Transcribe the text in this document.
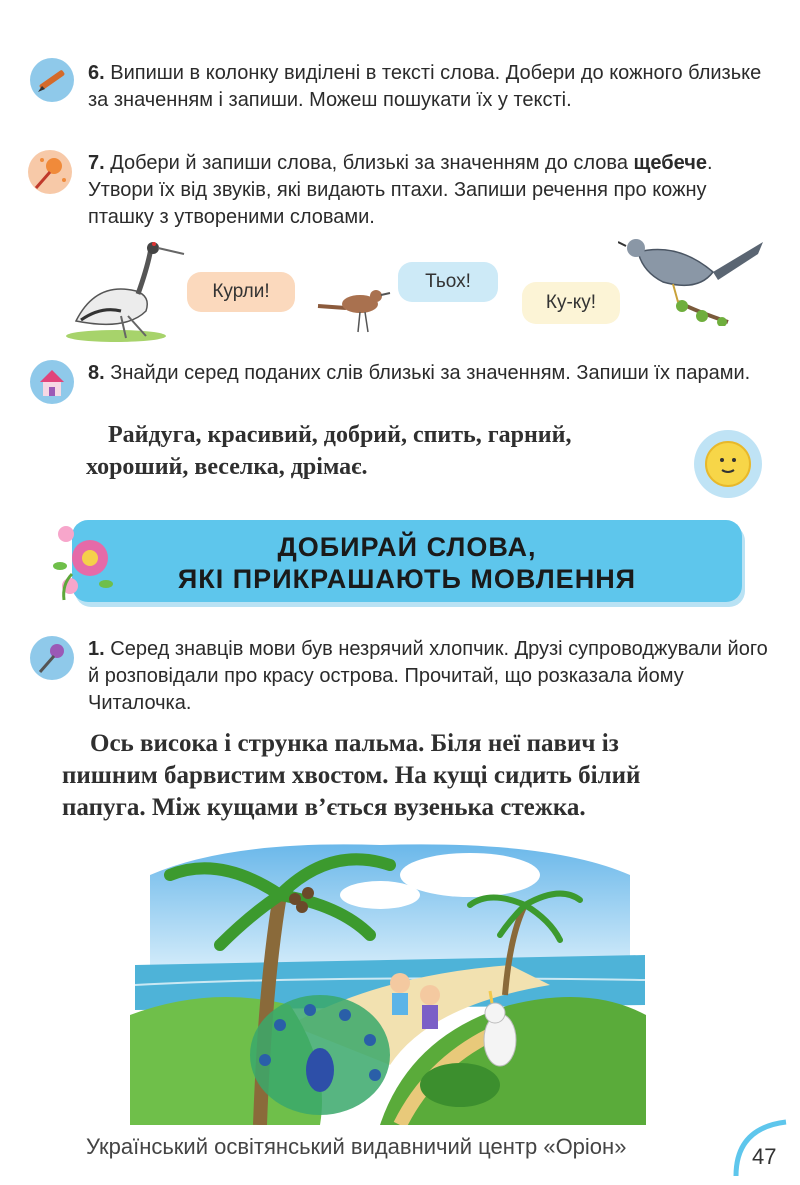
6. Випиши в колонку виділені в тексті слова. Добери до кожного близьке за значенням і запиши. Можеш пошукати їх у тексті.
7. Добери й запиши слова, близькі за значенням до слова щебече. Утвори їх від звуків, які видають птахи. Запиши речення про кожну пташку з утвореними словами.
Курли!	Тьох!
Ку-ку!
8. Знайди серед поданих слів близькі за значенням. Запиши їх парами.
Райдуга, красивий, добрий, спить, гарний,
хороший, веселка, дрімає.
ДОБИРАЙ СЛОВА,
ЯКІ ПРИКРАШАЮТЬ МОВЛЕННЯ
1. Серед знавців мови був незрячий хлопчик. Друзі супроводжували його й розповідали про красу острова. Прочитай, що розказала йому Читалочка.
Ось висока і струнка пальма. Біля неї павич із
пишним барвистим хвостом. На кущі сидить білий
папуга. Між кущами в’ється вузенька стежка.
Український освітянський видавничий центр «Оріон»	47
